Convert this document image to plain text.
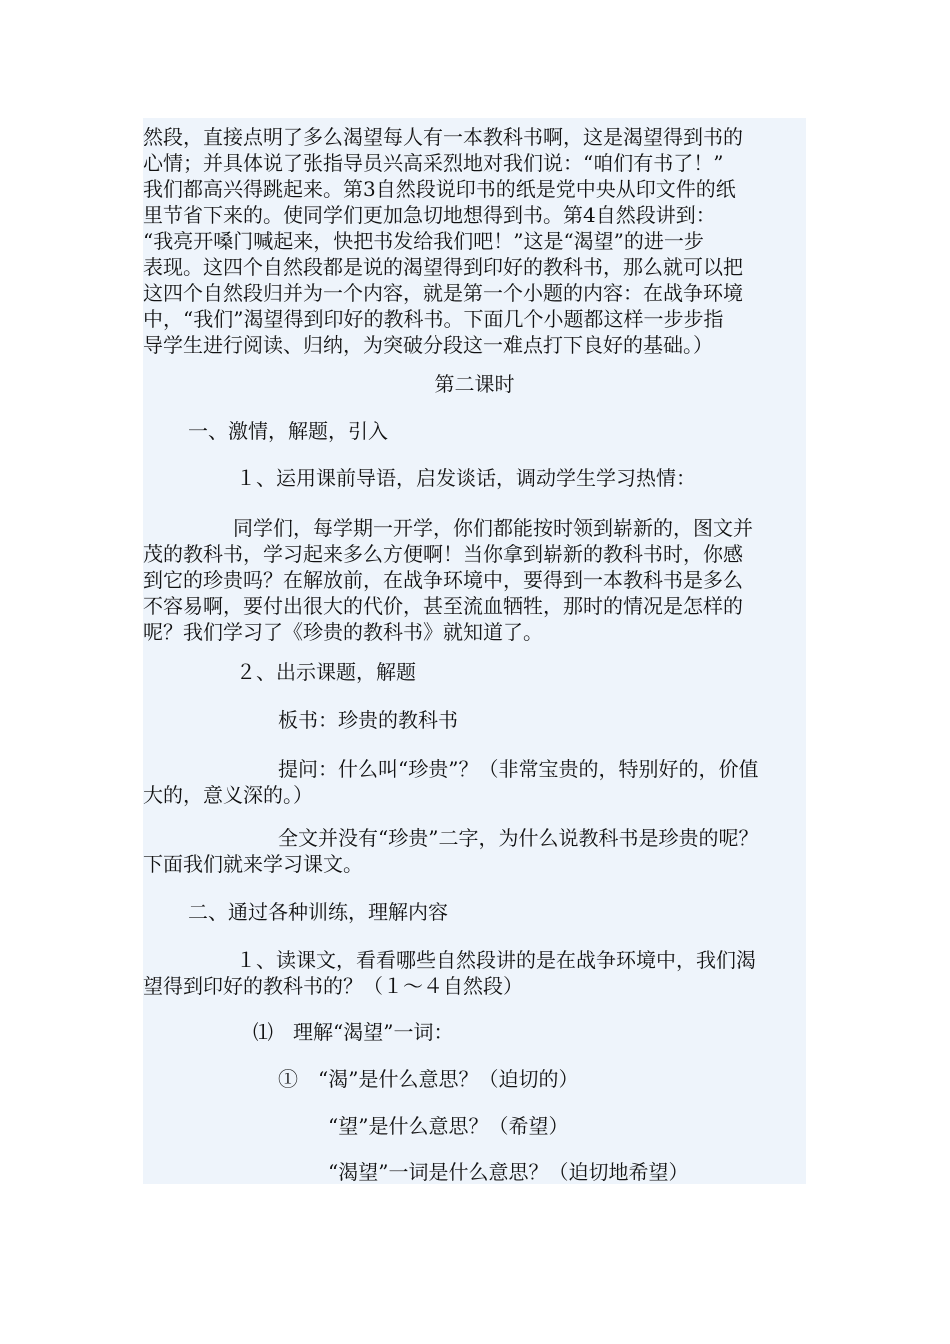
然段，直接点明了多么渴望每人有一本教科书啊，这是渴望得到书的
心情；并具体说了张指导员兴高采烈地对我们说：“咱们有书了！”
我们都高兴得跳起来。第3自然段说印书的纸是党中央从印文件的纸
里节省下来的。使同学们更加急切地想得到书。第4自然段讲到：
“我亮开嗓门喊起来，快把书发给我们吧！”这是“渴望”的进一步
表现。这四个自然段都是说的渴望得到印好的教科书，那么就可以把
这四个自然段归并为一个内容，就是第一个小题的内容：在战争环境
中，“我们”渴望得到印好的教科书。下面几个小题都这样一步步指
导学生进行阅读、归纳，为突破分段这一难点打下良好的基础。）
第二课时
一、激情，解题，引入
１、运用课前导语，启发谈话，调动学生学习热情：
同学们，每学期一开学，你们都能按时领到崭新的，图文并
茂的教科书，学习起来多么方便啊！当你拿到崭新的教科书时，你感
到它的珍贵吗？在解放前，在战争环境中，要得到一本教科书是多么
不容易啊，要付出很大的代价，甚至流血牺牲，那时的情况是怎样的
呢？我们学习了《珍贵的教科书》就知道了。
２、出示课题，解题
板书：珍贵的教科书
提问：什么叫“珍贵”？（非常宝贵的，特别好的，价值
大的，意义深的。）
全文并没有“珍贵”二字，为什么说教科书是珍贵的呢？
下面我们就来学习课文。
二、通过各种训练，理解内容
１、读课文，看看哪些自然段讲的是在战争环境中，我们渴
望得到印好的教科书的？（１～４自然段）
⑴　理解“渴望”一词：
①　“渴”是什么意思？（迫切的）
“望”是什么意思？（希望）
“渴望”一词是什么意思？（迫切地希望）
